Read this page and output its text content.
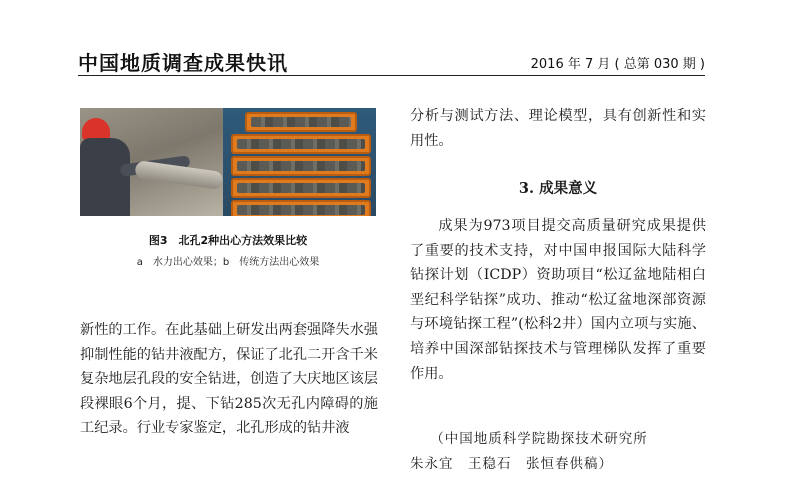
中国地质调查成果快讯	2016 年 7 月 ( 总第 030 期 )
图3　北孔2种出心方法效果比较
a　水力出心效果；b　传统方法出心效果

新性的工作。在此基础上研发出两套强降失水强抑制性能的钻井液配方，保证了北孔二开含千米复杂地层孔段的安全钻进，创造了大庆地区该层段裸眼6个月，提、下钻285次无孔内障碍的施工纪录。行业专家鉴定，北孔形成的钻井液

分析与测试方法、理论模型，具有创新性和实用性。

3. 成果意义

成果为973项目提交高质量研究成果提供了重要的技术支持，对中国申报国际大陆科学钻探计划（ICDP）资助项目“松辽盆地陆相白垩纪科学钻探”成功、推动“松辽盆地深部资源与环境钻探工程”(松科2井）国内立项与实施、培养中国深部钻探技术与管理梯队发挥了重要作用。

（中国地质科学院勘探技术研究所
朱永宜　王稳石　张恒春供稿）
